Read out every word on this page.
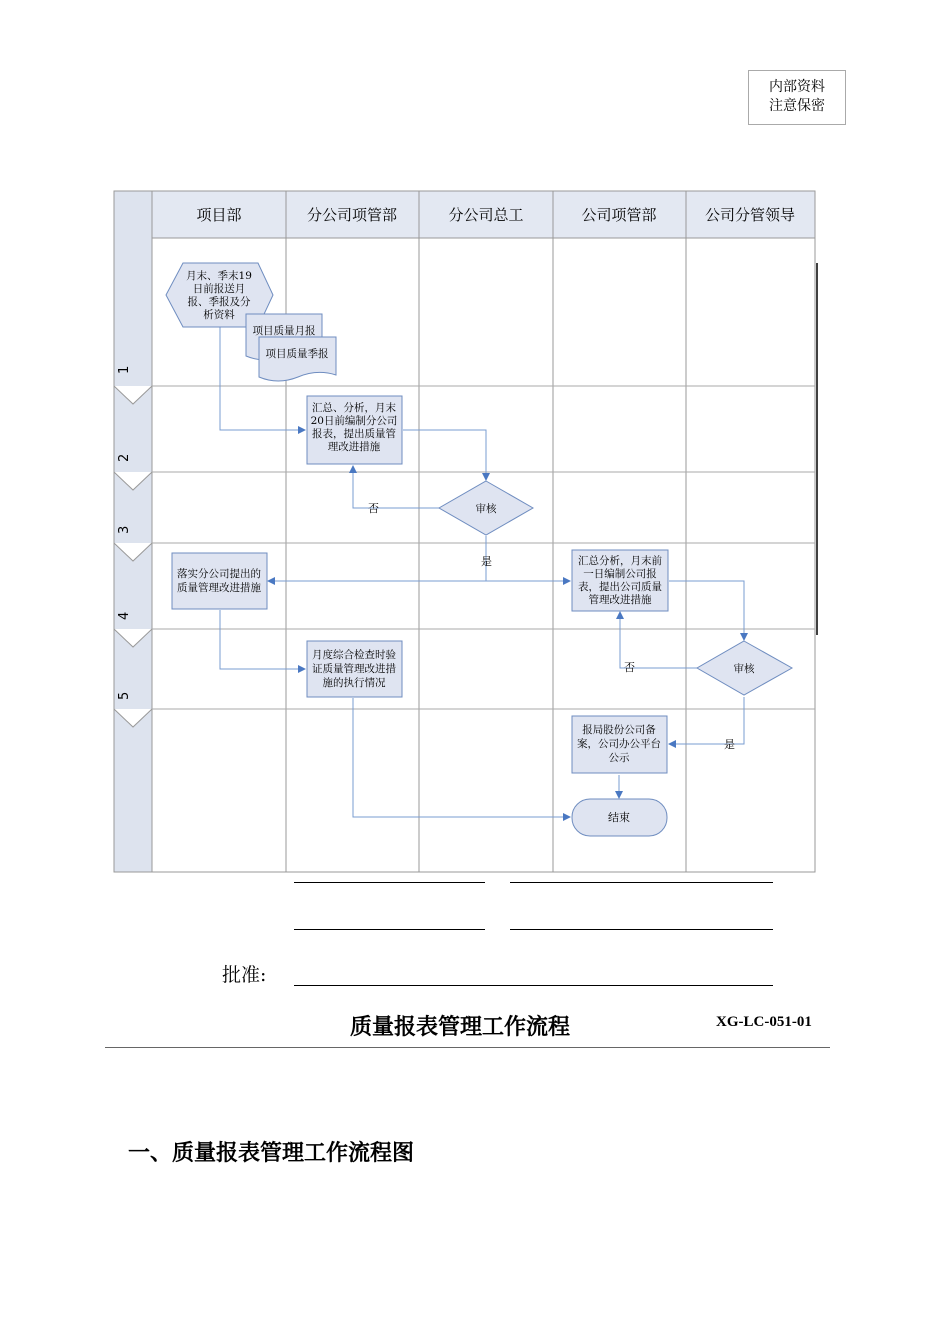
内部资料
注意保密
项目部	分公司项管部	分公司总工	公司项管部	公司分管领导
1
2
3
4
5
否
是
否
是
月末、季末19
日前报送月
报、季报及分
析资料
项目质量月报
项目质量季报
汇总、分析，月末
20日前编制分公司
报表，提出质量管
理改进措施
审核
落实分公司提出的
质量管理改进措施
汇总分析，月末前
一日编制公司报
表，提出公司质量
管理改进措施
月度综合检查时验
证质量管理改进措
施的执行情况
审核
报局股份公司备
案，公司办公平台
公示
结束
批准:
质量报表管理工作流程	XG-LC-051-01
一、质量报表管理工作流程图
